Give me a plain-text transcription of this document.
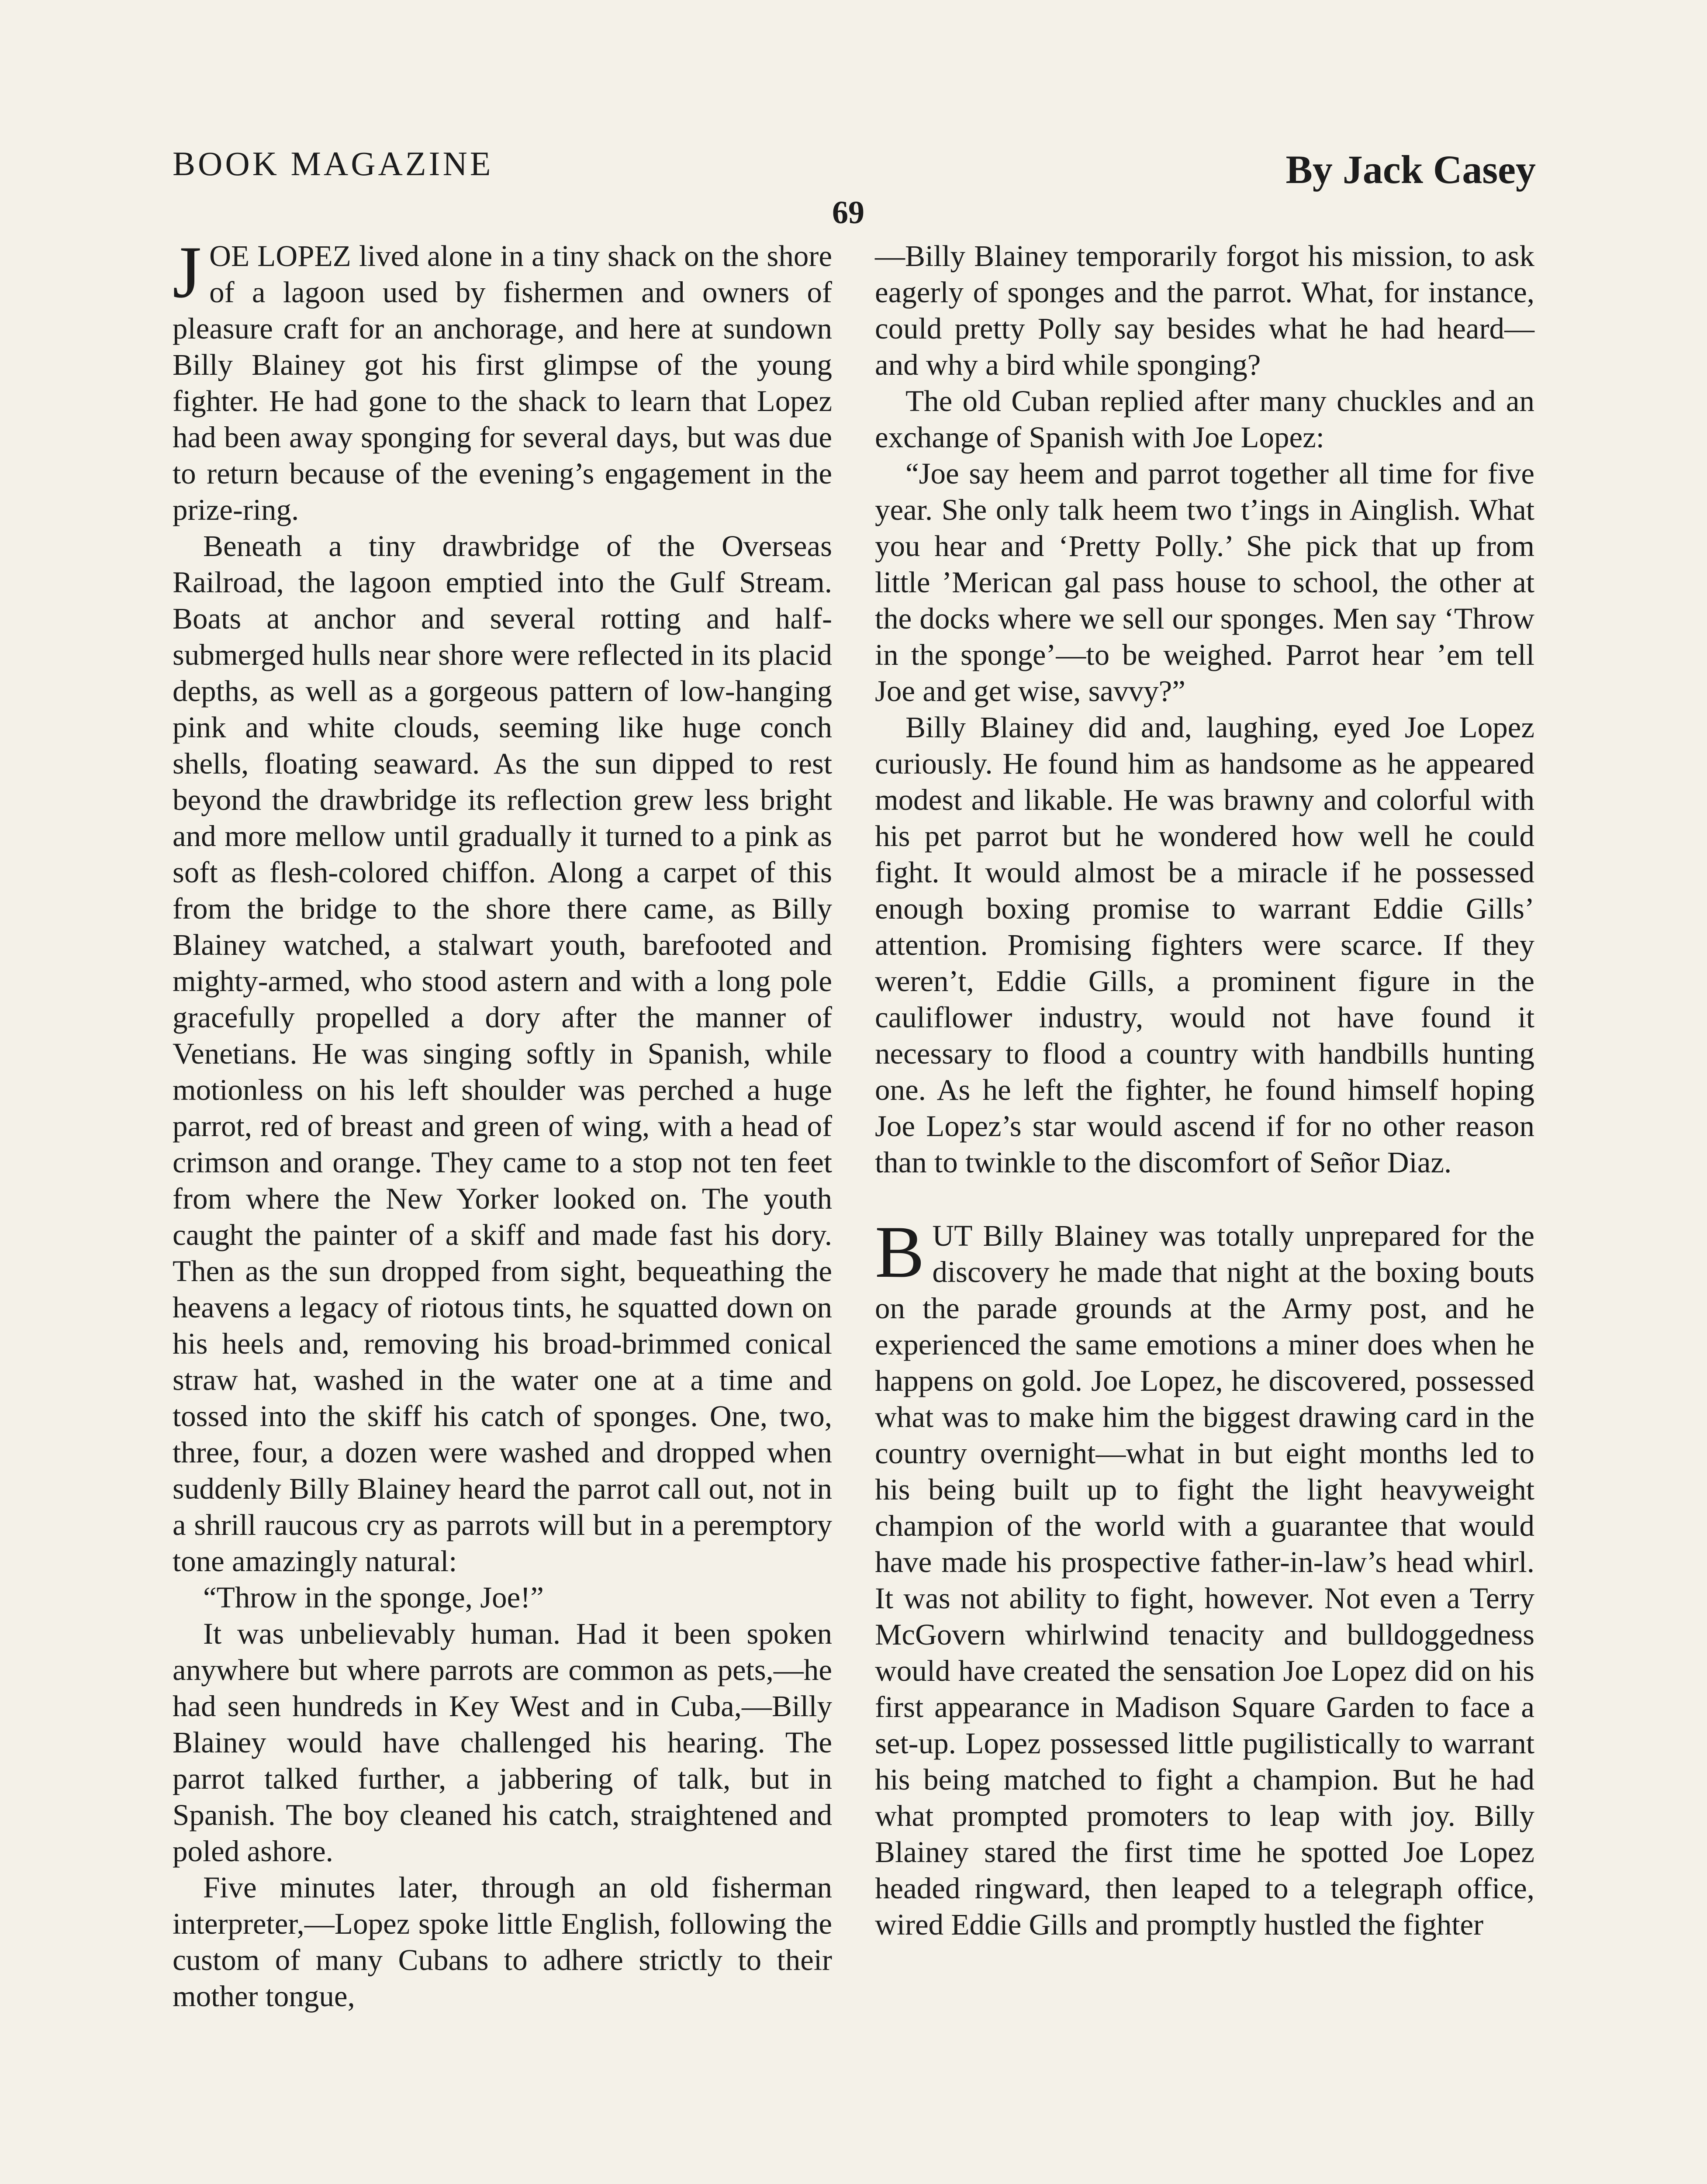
BOOK MAGAZINE	By Jack Casey
69

JOE LOPEZ lived alone in a tiny shack on the shore of a lagoon used by fishermen and owners of pleasure craft for an anchorage, and here at sundown Billy Blainey got his first glimpse of the young fighter. He had gone to the shack to learn that Lopez had been away sponging for several days, but was due to return because of the evening’s engagement in the prize-ring.

Beneath a tiny drawbridge of the Overseas Railroad, the lagoon emptied into the Gulf Stream. Boats at anchor and several rotting and half-submerged hulls near shore were reflected in its placid depths, as well as a gorgeous pattern of low-hanging pink and white clouds, seeming like huge conch shells, floating seaward. As the sun dipped to rest beyond the drawbridge its reflection grew less bright and more mellow until gradually it turned to a pink as soft as flesh-colored chiffon. Along a carpet of this from the bridge to the shore there came, as Billy Blainey watched, a stalwart youth, barefooted and mighty-armed, who stood astern and with a long pole gracefully propelled a dory after the manner of Venetians. He was singing softly in Spanish, while motionless on his left shoulder was perched a huge parrot, red of breast and green of wing, with a head of crimson and orange. They came to a stop not ten feet from where the New Yorker looked on. The youth caught the painter of a skiff and made fast his dory. Then as the sun dropped from sight, bequeathing the heavens a legacy of riotous tints, he squatted down on his heels and, removing his broad-brimmed conical straw hat, washed in the water one at a time and tossed into the skiff his catch of sponges. One, two, three, four, a dozen were washed and dropped when suddenly Billy Blainey heard the parrot call out, not in a shrill raucous cry as parrots will but in a peremptory tone amazingly natural:

“Throw in the sponge, Joe!”

It was unbelievably human. Had it been spoken anywhere but where parrots are common as pets,—he had seen hundreds in Key West and in Cuba,—Billy Blainey would have challenged his hearing. The parrot talked further, a jabbering of talk, but in Spanish. The boy cleaned his catch, straightened and poled ashore.

Five minutes later, through an old fisherman interpreter,—Lopez spoke little English, following the custom of many Cubans to adhere strictly to their mother tongue,

—Billy Blainey temporarily forgot his mission, to ask eagerly of sponges and the parrot. What, for instance, could pretty Polly say besides what he had heard—and why a bird while sponging?

The old Cuban replied after many chuckles and an exchange of Spanish with Joe Lopez:

“Joe say heem and parrot together all time for five year. She only talk heem two t’ings in Ainglish. What you hear and ‘Pretty Polly.’ She pick that up from little ’Merican gal pass house to school, the other at the docks where we sell our sponges. Men say ‘Throw in the sponge’—to be weighed. Parrot hear ’em tell Joe and get wise, savvy?”

Billy Blainey did and, laughing, eyed Joe Lopez curiously. He found him as handsome as he appeared modest and likable. He was brawny and colorful with his pet parrot but he wondered how well he could fight. It would almost be a miracle if he possessed enough boxing promise to warrant Eddie Gills’ attention. Promising fighters were scarce. If they weren’t, Eddie Gills, a prominent figure in the cauliflower industry, would not have found it necessary to flood a country with handbills hunting one. As he left the fighter, he found himself hoping Joe Lopez’s star would ascend if for no other reason than to twinkle to the discomfort of Señor Diaz.

BUT Billy Blainey was totally unprepared for the discovery he made that night at the boxing bouts on the parade grounds at the Army post, and he experienced the same emotions a miner does when he happens on gold. Joe Lopez, he discovered, possessed what was to make him the biggest drawing card in the country overnight—what in but eight months led to his being built up to fight the light heavyweight champion of the world with a guarantee that would have made his prospective father-in-law’s head whirl. It was not ability to fight, however. Not even a Terry McGovern whirlwind tenacity and bulldoggedness would have created the sensation Joe Lopez did on his first appearance in Madison Square Garden to face a set-up. Lopez possessed little pugilistically to warrant his being matched to fight a champion. But he had what prompted promoters to leap with joy. Billy Blainey stared the first time he spotted Joe Lopez headed ringward, then leaped to a telegraph office, wired Eddie Gills and promptly hustled the fighter
